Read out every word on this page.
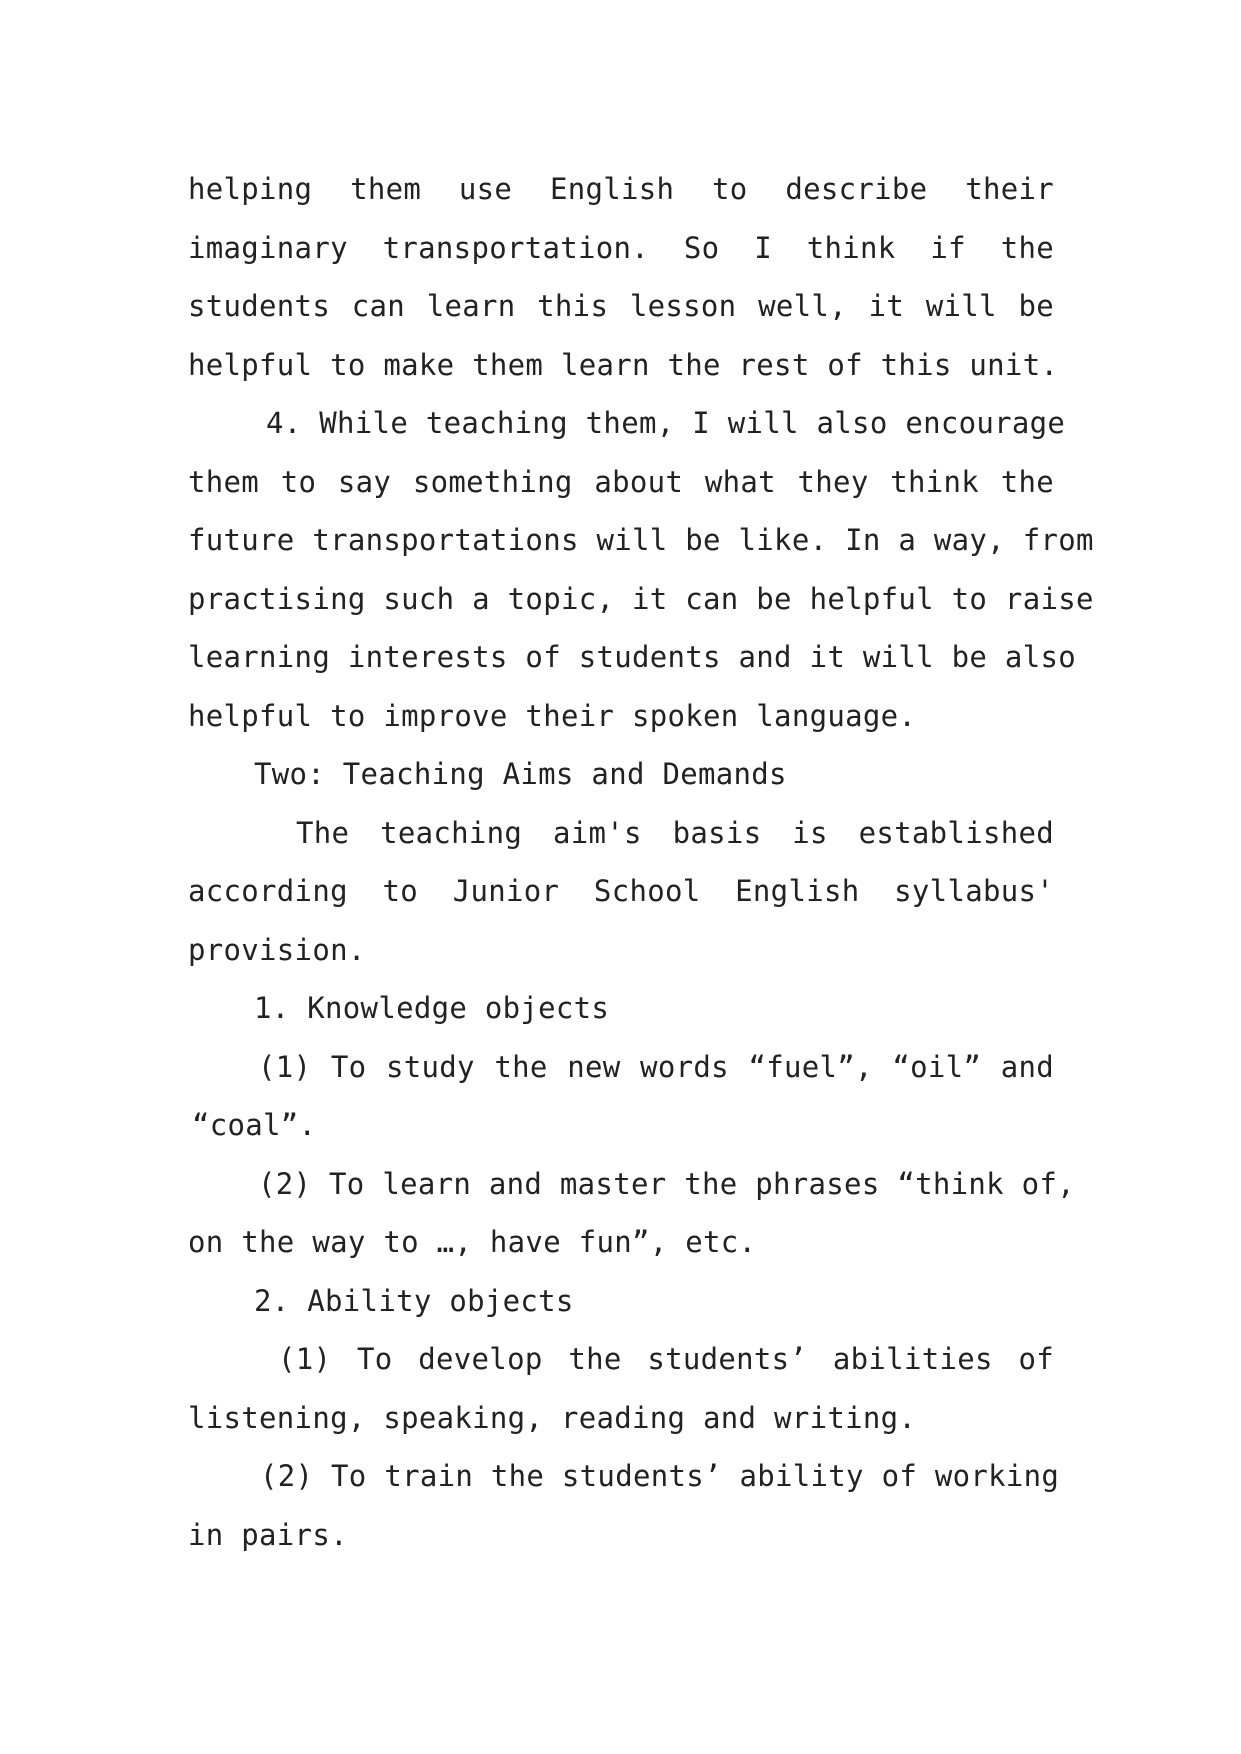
helping them use English to describe their
imaginary transportation. So I think if the
students can learn this lesson well, it will be
helpful to make them learn the rest of this unit.
4. While teaching them, I will also encourage
them to say something about what they think the
future transportations will be like. In a way, from
practising such a topic, it can be helpful to raise
learning interests of students and it will be also
helpful to improve their spoken language.
Two: Teaching Aims and Demands
The teaching aim's basis is established
according to Junior School English syllabus'
provision.
1. Knowledge objects
(1) To study the new words “fuel”, “oil” and
“coal”.
(2) To learn and master the phrases “think of,
on the way to …, have fun”, etc.
2. Ability objects
(1) To develop the students’ abilities of
listening, speaking, reading and writing.
(2) To train the students’ ability of working
in pairs.
